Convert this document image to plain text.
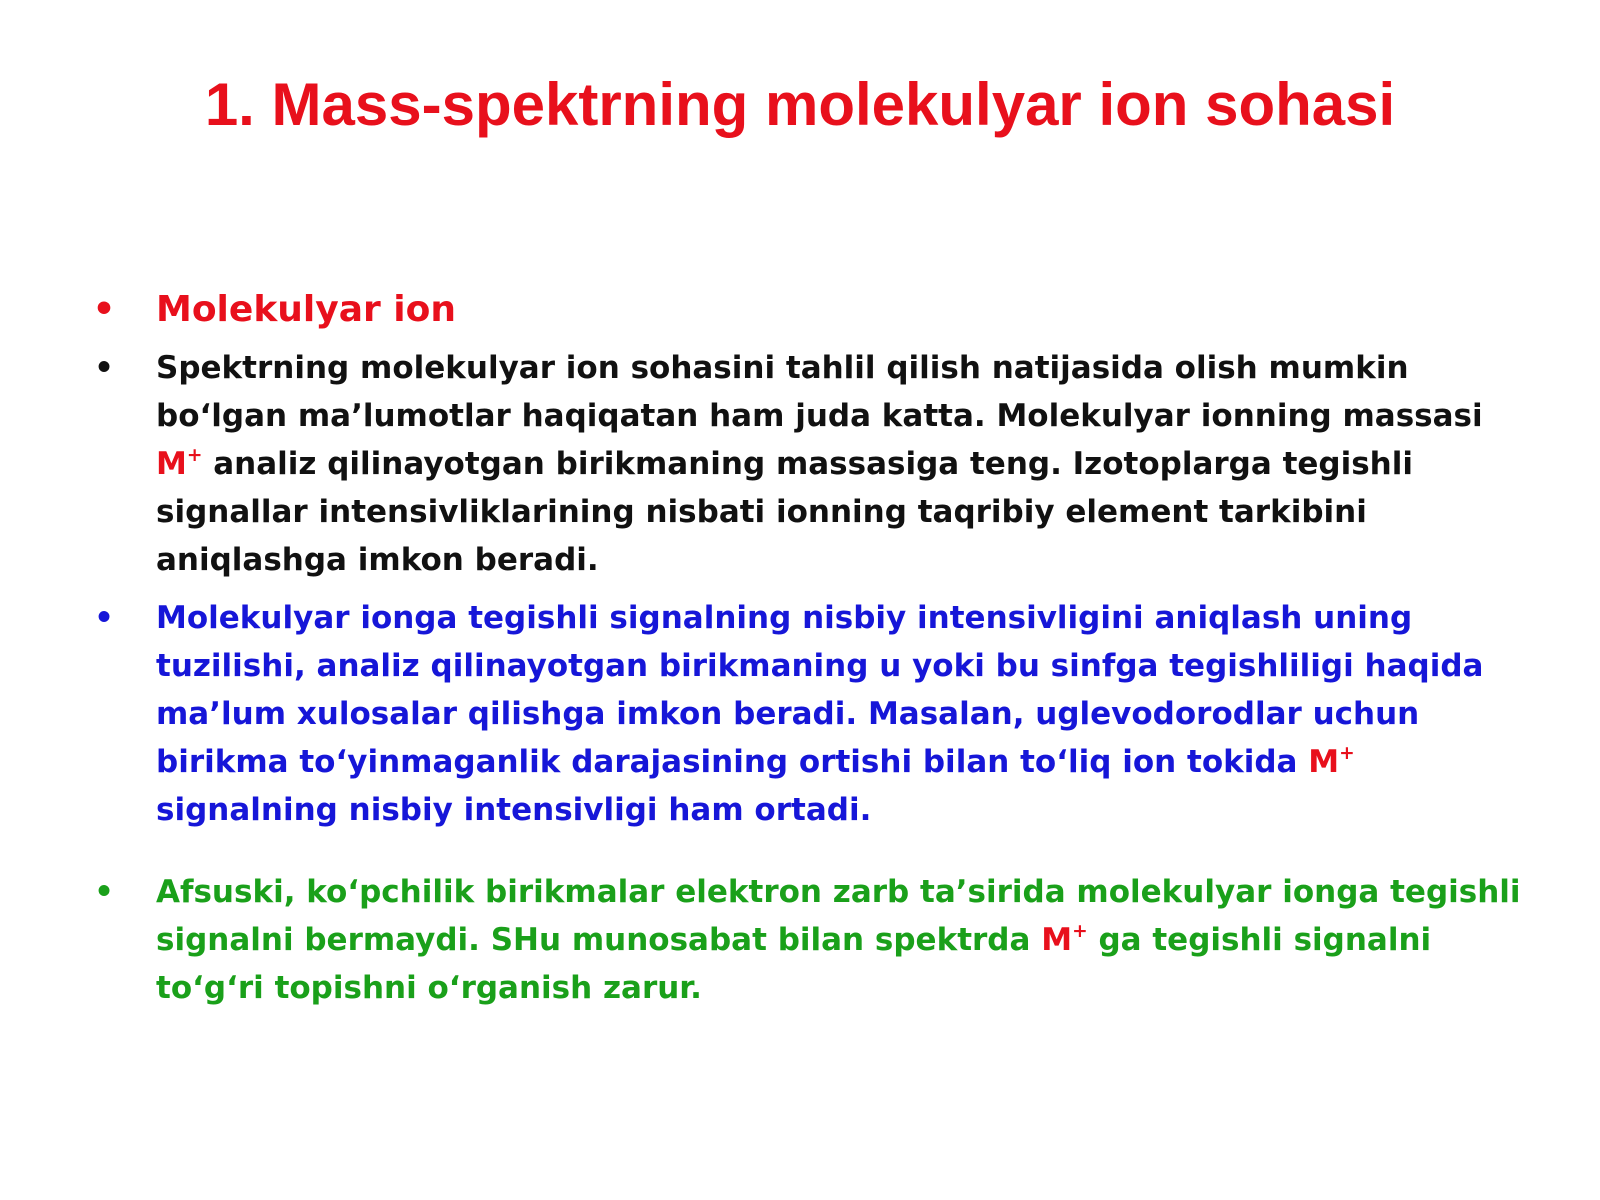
1. Mass-spektrning molekulyar ion sohasi
• Molekulyar ion
• Spektrning molekulyar ion sohasini tahlil qilish natijasida olish mumkin bo‘lgan ma’lumotlar haqiqatan ham juda katta. Molekulyar ionning massasi M+ analiz qilinayotgan birikmaning massasiga teng. Izotoplarga tegishli signallar intensivliklarining nisbati ionning taqribiy element tarkibini aniqlashga imkon beradi.
• Molekulyar ionga tegishli signalning nisbiy intensivligini aniqlash uning tuzilishi, analiz qilinayotgan birikmaning u yoki bu sinfga tegishliligi haqida ma’lum xulosalar qilishga imkon beradi. Masalan, uglevodorodlar uchun birikma to‘yinmaganlik darajasining ortishi bilan to‘liq ion tokida M+ signalning nisbiy intensivligi ham ortadi.
• Afsuski, ko‘pchilik birikmalar elektron zarb ta’sirida molekulyar ionga tegishli signalni bermaydi. SHu munosabat bilan spektrda M+ ga tegishli signalni to‘g‘ri topishni o‘rganish zarur.
